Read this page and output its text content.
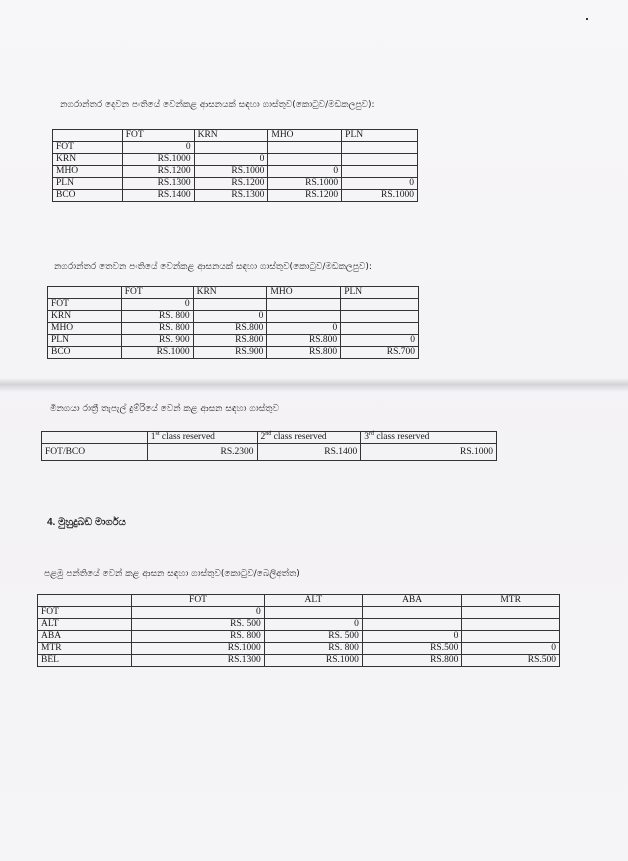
නගරාන්තර දෙවන පංතියේ වෙන්කළ ආසනයක් සඳහා ගාස්තුව(කොටුව/මඩකලපුව):
	FOT	KRN	MHO	PLN
FOT	0			
KRN	RS.1000	0		
MHO	RS.1200	RS.1000	0	
PLN	RS.1300	RS.1200	RS.1000	0
BCO	RS.1400	RS.1300	RS.1200	RS.1000
නගරාන්තර තෙවන පංතියේ වෙන්කළ ආසනයක් සඳහා ගාස්තුව(කොටුව/මඩකලපුව):
	FOT	KRN	MHO	PLN
FOT	0			
KRN	RS. 800	0		
MHO	RS. 800	RS.800	0	
PLN	RS. 900	RS.800	RS.800	0
BCO	RS.1000	RS.900	RS.800	RS.700
මිනගයා රාත්‍රී තැපැල් දුම්රියේ වෙන් කළ ආසන සඳහා ගාස්තුව
	1st class reserved	2nd class reserved	3rd class reserved
FOT/BCO	RS.2300	RS.1400	RS.1000
4. මුහුදුබඩ මාර්ගය
පළමු පන්තියේ වෙන් කළ ආසන සඳහා ගාස්තුව(කොටුව/බෙලිඅත්ත)
	FOT	ALT	ABA	MTR
FOT	0			
ALT	RS. 500	0		
ABA	RS. 800	RS. 500	0	
MTR	RS.1000	RS. 800	RS.500	0
BEL	RS.1300	RS.1000	RS.800	RS.500
